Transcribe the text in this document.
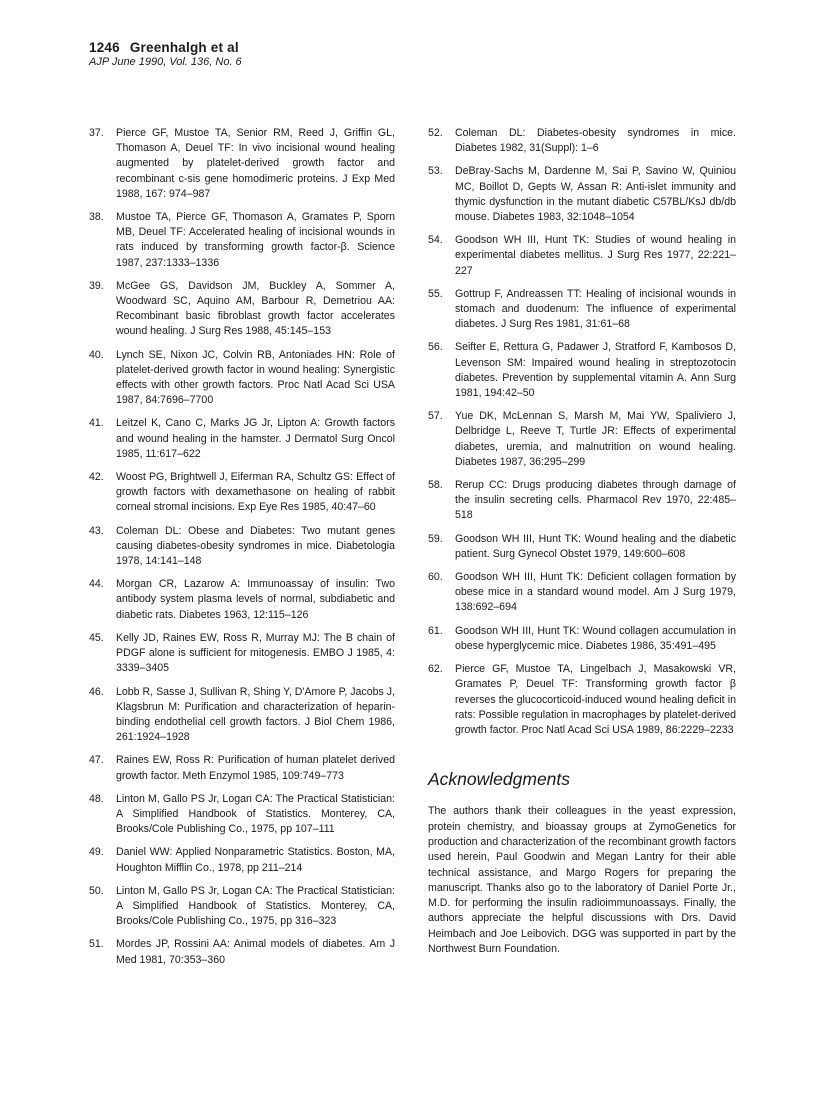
1246 Greenhalgh et al
AJP June 1990, Vol. 136, No. 6
37. Pierce GF, Mustoe TA, Senior RM, Reed J, Griffin GL, Thomason A, Deuel TF: In vivo incisional wound healing augmented by platelet-derived growth factor and recombinant c-sis gene homodimeric proteins. J Exp Med 1988, 167: 974–987
38. Mustoe TA, Pierce GF, Thomason A, Gramates P, Sporn MB, Deuel TF: Accelerated healing of incisional wounds in rats induced by transforming growth factor-β. Science 1987, 237:1333–1336
39. McGee GS, Davidson JM, Buckley A, Sommer A, Woodward SC, Aquino AM, Barbour R, Demetriou AA: Recombinant basic fibroblast growth factor accelerates wound healing. J Surg Res 1988, 45:145–153
40. Lynch SE, Nixon JC, Colvin RB, Antoniades HN: Role of platelet-derived growth factor in wound healing: Synergistic effects with other growth factors. Proc Natl Acad Sci USA 1987, 84:7696–7700
41. Leitzel K, Cano C, Marks JG Jr, Lipton A: Growth factors and wound healing in the hamster. J Dermatol Surg Oncol 1985, 11:617–622
42. Woost PG, Brightwell J, Eiferman RA, Schultz GS: Effect of growth factors with dexamethasone on healing of rabbit corneal stromal incisions. Exp Eye Res 1985, 40:47–60
43. Coleman DL: Obese and Diabetes: Two mutant genes causing diabetes-obesity syndromes in mice. Diabetologia 1978, 14:141–148
44. Morgan CR, Lazarow A: Immunoassay of insulin: Two antibody system plasma levels of normal, subdiabetic and diabetic rats. Diabetes 1963, 12:115–126
45. Kelly JD, Raines EW, Ross R, Murray MJ: The B chain of PDGF alone is sufficient for mitogenesis. EMBO J 1985, 4: 3339–3405
46. Lobb R, Sasse J, Sullivan R, Shing Y, D'Amore P, Jacobs J, Klagsbrun M: Purification and characterization of heparin-binding endothelial cell growth factors. J Biol Chem 1986, 261:1924–1928
47. Raines EW, Ross R: Purification of human platelet derived growth factor. Meth Enzymol 1985, 109:749–773
48. Linton M, Gallo PS Jr, Logan CA: The Practical Statistician: A Simplified Handbook of Statistics. Monterey, CA, Brooks/Cole Publishing Co., 1975, pp 107–111
49. Daniel WW: Applied Nonparametric Statistics. Boston, MA, Houghton Mifflin Co., 1978, pp 211–214
50. Linton M, Gallo PS Jr, Logan CA: The Practical Statistician: A Simplified Handbook of Statistics. Monterey, CA, Brooks/Cole Publishing Co., 1975, pp 316–323
51. Mordes JP, Rossini AA: Animal models of diabetes. Am J Med 1981, 70:353–360
52. Coleman DL: Diabetes-obesity syndromes in mice. Diabetes 1982, 31(Suppl): 1–6
53. DeBray-Sachs M, Dardenne M, Sai P, Savino W, Quiniou MC, Boillot D, Gepts W, Assan R: Anti-islet immunity and thymic dysfunction in the mutant diabetic C57BL/KsJ db/db mouse. Diabetes 1983, 32:1048–1054
54. Goodson WH III, Hunt TK: Studies of wound healing in experimental diabetes mellitus. J Surg Res 1977, 22:221–227
55. Gottrup F, Andreassen TT: Healing of incisional wounds in stomach and duodenum: The influence of experimental diabetes. J Surg Res 1981, 31:61–68
56. Seifter E, Rettura G, Padawer J, Stratford F, Kambosos D, Levenson SM: Impaired wound healing in streptozotocin diabetes. Prevention by supplemental vitamin A. Ann Surg 1981, 194:42–50
57. Yue DK, McLennan S, Marsh M, Mai YW, Spaliviero J, Delbridge L, Reeve T, Turtle JR: Effects of experimental diabetes, uremia, and malnutrition on wound healing. Diabetes 1987, 36:295–299
58. Rerup CC: Drugs producing diabetes through damage of the insulin secreting cells. Pharmacol Rev 1970, 22:485–518
59. Goodson WH III, Hunt TK: Wound healing and the diabetic patient. Surg Gynecol Obstet 1979, 149:600–608
60. Goodson WH III, Hunt TK: Deficient collagen formation by obese mice in a standard wound model. Am J Surg 1979, 138:692–694
61. Goodson WH III, Hunt TK: Wound collagen accumulation in obese hyperglycemic mice. Diabetes 1986, 35:491–495
62. Pierce GF, Mustoe TA, Lingelbach J, Masakowski VR, Gramates P, Deuel TF: Transforming growth factor β reverses the glucocorticoid-induced wound healing deficit in rats: Possible regulation in macrophages by platelet-derived growth factor. Proc Natl Acad Sci USA 1989, 86:2229–2233
Acknowledgments

The authors thank their colleagues in the yeast expression, protein chemistry, and bioassay groups at ZymoGenetics for production and characterization of the recombinant growth factors used herein, Paul Goodwin and Megan Lantry for their able technical assistance, and Margo Rogers for preparing the manuscript. Thanks also go to the laboratory of Daniel Porte Jr., M.D. for performing the insulin radioimmunoassays. Finally, the authors appreciate the helpful discussions with Drs. David Heimbach and Joe Leibovich. DGG was supported in part by the Northwest Burn Foundation.
